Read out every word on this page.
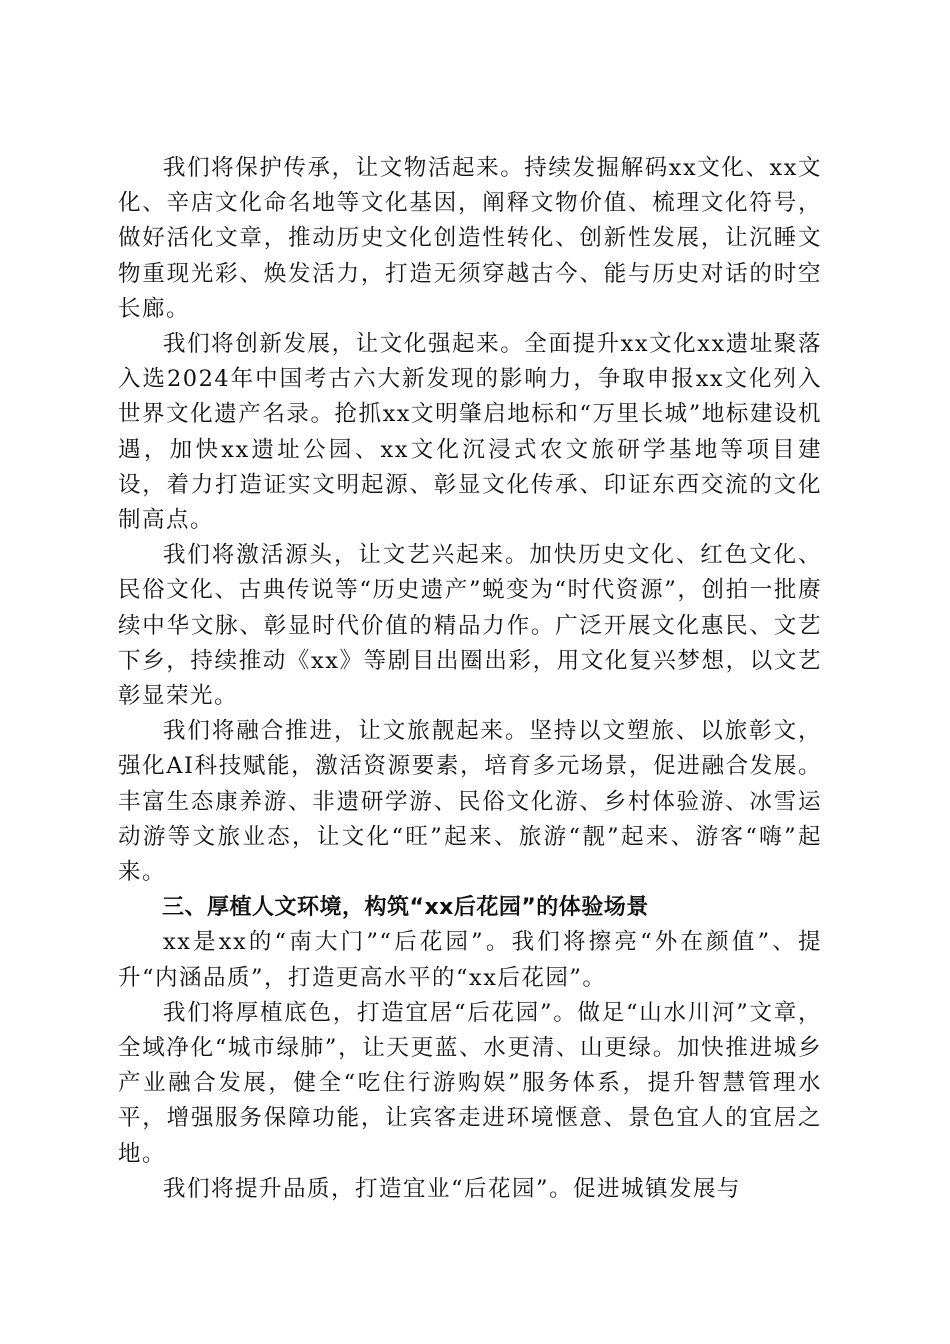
我们将保护传承，让文物活起来。持续发掘解码xx文化、xx文化、辛店文化命名地等文化基因，阐释文物价值、梳理文化符号，做好活化文章，推动历史文化创造性转化、创新性发展，让沉睡文物重现光彩、焕发活力，打造无须穿越古今、能与历史对话的时空长廊。

我们将创新发展，让文化强起来。全面提升xx文化xx遗址聚落入选2024年中国考古六大新发现的影响力，争取申报xx文化列入世界文化遗产名录。抢抓xx文明肇启地标和“万里长城”地标建设机遇，加快xx遗址公园、xx文化沉浸式农文旅研学基地等项目建设，着力打造证实文明起源、彰显文化传承、印证东西交流的文化制高点。

我们将激活源头，让文艺兴起来。加快历史文化、红色文化、民俗文化、古典传说等“历史遗产”蜕变为“时代资源”，创拍一批赓续中华文脉、彰显时代价值的精品力作。广泛开展文化惠民、文艺下乡，持续推动《xx》等剧目出圈出彩，用文化复兴梦想，以文艺彰显荣光。

我们将融合推进，让文旅靓起来。坚持以文塑旅、以旅彰文，强化AI科技赋能，激活资源要素，培育多元场景，促进融合发展。丰富生态康养游、非遗研学游、民俗文化游、乡村体验游、冰雪运动游等文旅业态，让文化“旺”起来、旅游“靓”起来、游客“嗨”起来。

三、厚植人文环境，构筑“xx后花园”的体验场景

xx是xx的“南大门”“后花园”。我们将擦亮“外在颜值”、提升“内涵品质”，打造更高水平的“xx后花园”。

我们将厚植底色，打造宜居“后花园”。做足“山水川河”文章，全域净化“城市绿肺”，让天更蓝、水更清、山更绿。加快推进城乡产业融合发展，健全“吃住行游购娱”服务体系，提升智慧管理水平，增强服务保障功能，让宾客走进环境惬意、景色宜人的宜居之地。

我们将提升品质，打造宜业“后花园”。促进城镇发展与
